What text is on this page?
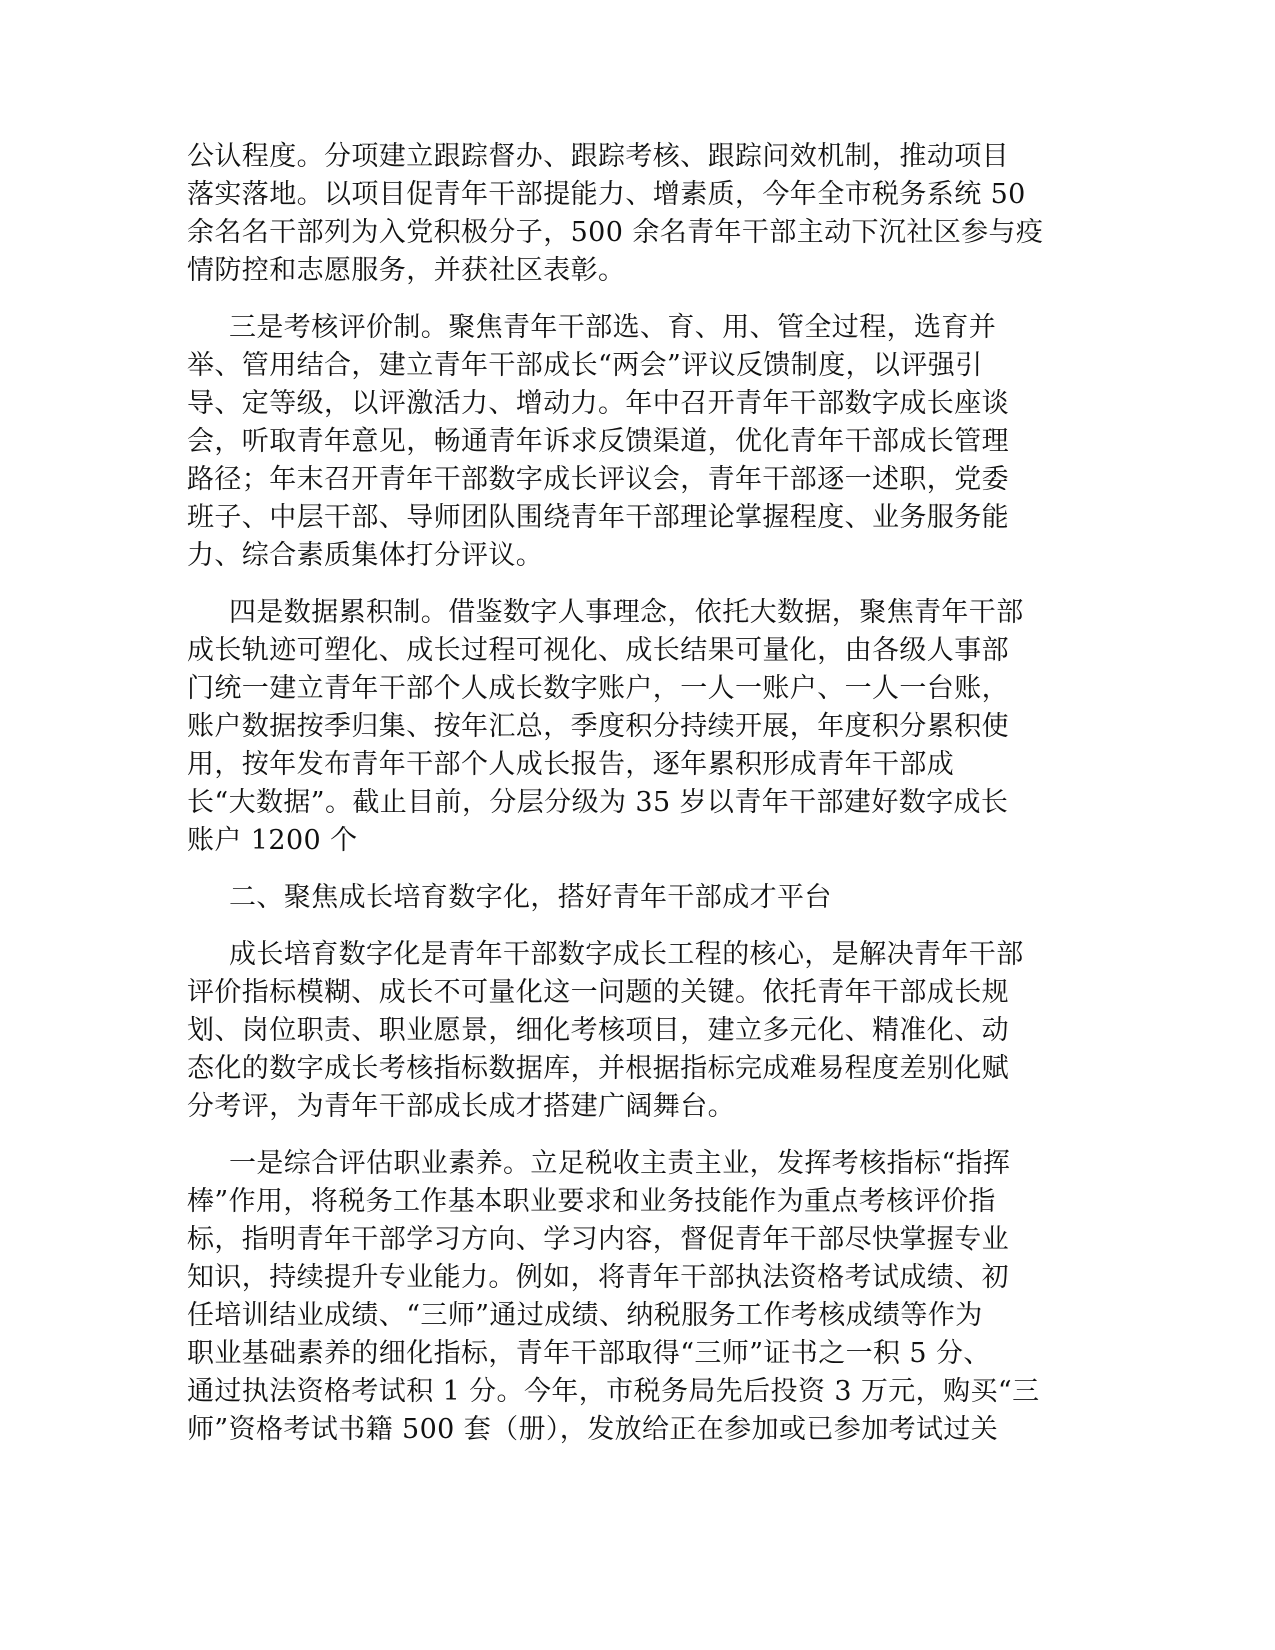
公认程度。分项建立跟踪督办、跟踪考核、跟踪问效机制，推动项目
落实落地。以项目促青年干部提能力、增素质，今年全市税务系统 50
余名名干部列为入党积极分子，500 余名青年干部主动下沉社区参与疫
情防控和志愿服务，并获社区表彰。
三是考核评价制。聚焦青年干部选、育、用、管全过程，选育并
举、管用结合，建立青年干部成长“两会”评议反馈制度，以评强引
导、定等级，以评激活力、增动力。年中召开青年干部数字成长座谈
会，听取青年意见，畅通青年诉求反馈渠道，优化青年干部成长管理
路径；年末召开青年干部数字成长评议会，青年干部逐一述职，党委
班子、中层干部、导师团队围绕青年干部理论掌握程度、业务服务能
力、综合素质集体打分评议。
四是数据累积制。借鉴数字人事理念，依托大数据，聚焦青年干部
成长轨迹可塑化、成长过程可视化、成长结果可量化，由各级人事部
门统一建立青年干部个人成长数字账户，一人一账户、一人一台账，
账户数据按季归集、按年汇总，季度积分持续开展，年度积分累积使
用，按年发布青年干部个人成长报告，逐年累积形成青年干部成
长“大数据”。截止目前，分层分级为 35 岁以青年干部建好数字成长
账户 1200 个
二、聚焦成长培育数字化，搭好青年干部成才平台
成长培育数字化是青年干部数字成长工程的核心，是解决青年干部
评价指标模糊、成长不可量化这一问题的关键。依托青年干部成长规
划、岗位职责、职业愿景，细化考核项目，建立多元化、精准化、动
态化的数字成长考核指标数据库，并根据指标完成难易程度差别化赋
分考评，为青年干部成长成才搭建广阔舞台。
一是综合评估职业素养。立足税收主责主业，发挥考核指标“指挥
棒”作用，将税务工作基本职业要求和业务技能作为重点考核评价指
标，指明青年干部学习方向、学习内容，督促青年干部尽快掌握专业
知识，持续提升专业能力。例如，将青年干部执法资格考试成绩、初
任培训结业成绩、“三师”通过成绩、纳税服务工作考核成绩等作为
职业基础素养的细化指标，青年干部取得“三师”证书之一积 5 分、
通过执法资格考试积 1 分。今年，市税务局先后投资 3 万元，购买“三
师”资格考试书籍 500 套（册），发放给正在参加或已参加考试过关
